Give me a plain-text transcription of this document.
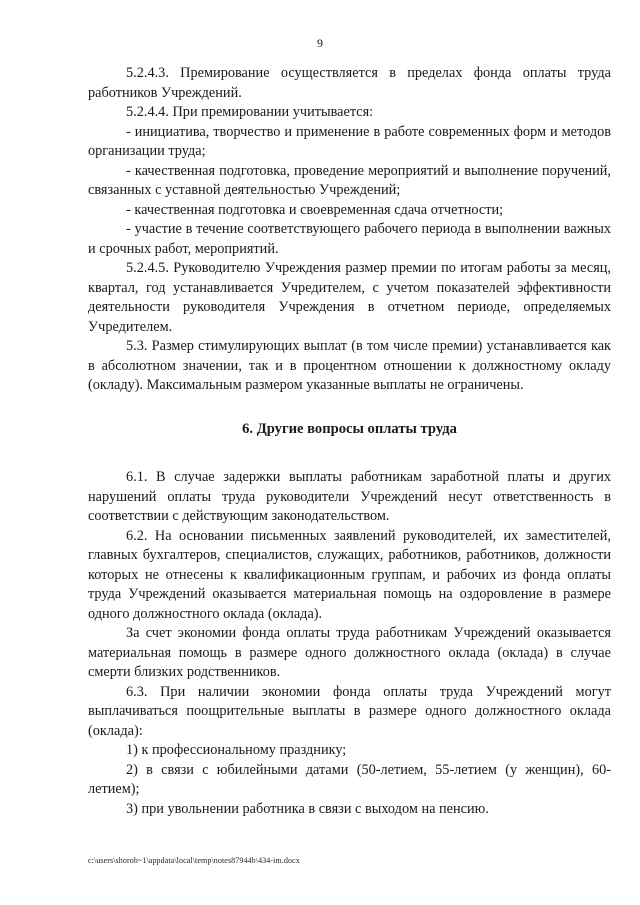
9

5.2.4.3. Премирование осуществляется в пределах фонда оплаты труда работников Учреждений.

5.2.4.4. При премировании учитывается:

- инициатива, творчество и применение в работе современных форм и методов организации труда;

- качественная подготовка, проведение мероприятий и выполнение поручений, связанных с уставной деятельностью Учреждений;

- качественная подготовка и своевременная сдача отчетности;

- участие в течение соответствующего рабочего периода в выполнении важных и срочных работ, мероприятий.

5.2.4.5. Руководителю Учреждения размер премии по итогам работы за месяц, квартал, год устанавливается Учредителем, с учетом показателей эффективности деятельности руководителя Учреждения в отчетном периоде, определяемых Учредителем.

5.3. Размер стимулирующих выплат (в том числе премии) устанавливается как в абсолютном значении, так и в процентном отношении к должностному окладу (окладу). Максимальным размером указанные выплаты не ограничены.

6. Другие вопросы оплаты труда

6.1. В случае задержки выплаты работникам заработной платы и других нарушений оплаты труда руководители Учреждений несут ответственность в соответствии с действующим законодательством.

6.2. На основании письменных заявлений руководителей, их заместителей, главных бухгалтеров, специалистов, служащих, работников, работников, должности которых не отнесены к квалификационным группам, и рабочих из фонда оплаты труда Учреждений оказывается материальная помощь на оздоровление в размере одного должностного оклада (оклада).

За счет экономии фонда оплаты труда работникам Учреждений оказывается материальная помощь в размере одного должностного оклада (оклада) в случае смерти близких родственников.

6.3. При наличии экономии фонда оплаты труда Учреждений могут выплачиваться поощрительные выплаты в размере одного должностного оклада (оклада):

1) к профессиональному празднику;

2) в связи с юбилейными датами (50-летием, 55-летием (у женщин), 60-летием);

3) при увольнении работника в связи с выходом на пенсию.

c:\users\shoroh~1\appdata\local\temp\notes87944b\434-im.docx
